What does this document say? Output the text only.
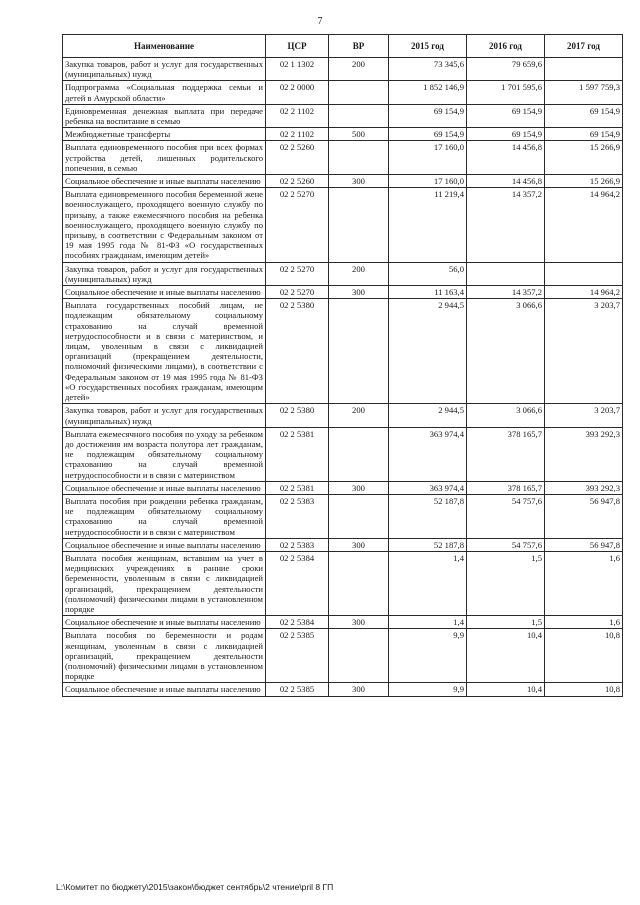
7
Наименование	ЦСР	ВР	2015 год	2016 год	2017 год
Закупка товаров, работ и услуг для государственных (муниципальных) нужд	02 1 1302	200	73 345,6	79 659,6	
Подпрограмма «Социальная поддержка семьи и детей в Амурской области»	02 2 0000		1 852 146,9	1 701 595,6	1 597 759,3
Единовременная денежная выплата при передаче ребенка на воспитание в семью	02 2 1102		69 154,9	69 154,9	69 154,9
Межбюджетные трансферты	02 2 1102	500	69 154,9	69 154,9	69 154,9
Выплата единовременного пособия при всех формах устройства детей, лишенных родительского попечения, в семью	02 2 5260		17 160,0	14 456,8	15 266,9
Социальное обеспечение и иные выплаты населению	02 2 5260	300	17 160,0	14 456,8	15 266,9
Выплата единовременного пособия беременной жене военнослужащего, проходящего военную службу по призыву, а также ежемесячного пособия на ребенка военнослужащего, проходящего военную службу по призыву, в соответствии с Федеральным законом от 19 мая 1995 года № 81-ФЗ «О государственных пособиях гражданам, имеющим детей»	02 2 5270		11 219,4	14 357,2	14 964,2
Закупка товаров, работ и услуг для государственных (муниципальных) нужд	02 2 5270	200	56,0		
Социальное обеспечение и иные выплаты населению	02 2 5270	300	11 163,4	14 357,2	14 964,2
Выплата государственных пособий лицам, не подлежащим обязательному социальному страхованию на случай временной нетрудоспособности и в связи с материнством, и лицам, уволенным в связи с ликвидацией организаций (прекращением деятельности, полномочий физическими лицами), в соответствии с Федеральным законом от 19 мая 1995 года № 81-ФЗ «О государственных пособиях гражданам, имеющим детей»	02 2 5380		2 944,5	3 066,6	3 203,7
Закупка товаров, работ и услуг для государственных (муниципальных) нужд	02 2 5380	200	2 944,5	3 066,6	3 203,7
Выплата ежемесячного пособия по уходу за ребенком до достижения им возраста полутора лет гражданам, не подлежащим обязательному социальному страхованию на случай временной нетрудоспособности и в связи с материнством	02 2 5381		363 974,4	378 165,7	393 292,3
Социальное обеспечение и иные выплаты населению	02 2 5381	300	363 974,4	378 165,7	393 292,3
Выплата пособия при рождении ребенка гражданам, не подлежащим обязательному социальному страхованию на случай временной нетрудоспособности и в связи с материнством	02 2 5383		52 187,8	54 757,6	56 947,8
Социальное обеспечение и иные выплаты населению	02 2 5383	300	52 187,8	54 757,6	56 947,8
Выплата пособия женщинам, вставшим на учет в медицинских учреждениях в ранние сроки беременности, уволенным в связи с ликвидацией организаций, прекращением деятельности (полномочий) физическими лицами в установленном порядке	02 2 5384		1,4	1,5	1,6
Социальное обеспечение и иные выплаты населению	02 2 5384	300	1,4	1,5	1,6
Выплата пособия по беременности и родам женщинам, уволенным в связи с ликвидацией организаций, прекращением деятельности (полномочий) физическими лицами в установленном порядке	02 2 5385		9,9	10,4	10,8
Социальное обеспечение и иные выплаты населению	02 2 5385	300	9,9	10,4	10,8
L:\Комитет по бюджету\2015\закон\бюджет сентябрь\2 чтение\pril 8 ГП
